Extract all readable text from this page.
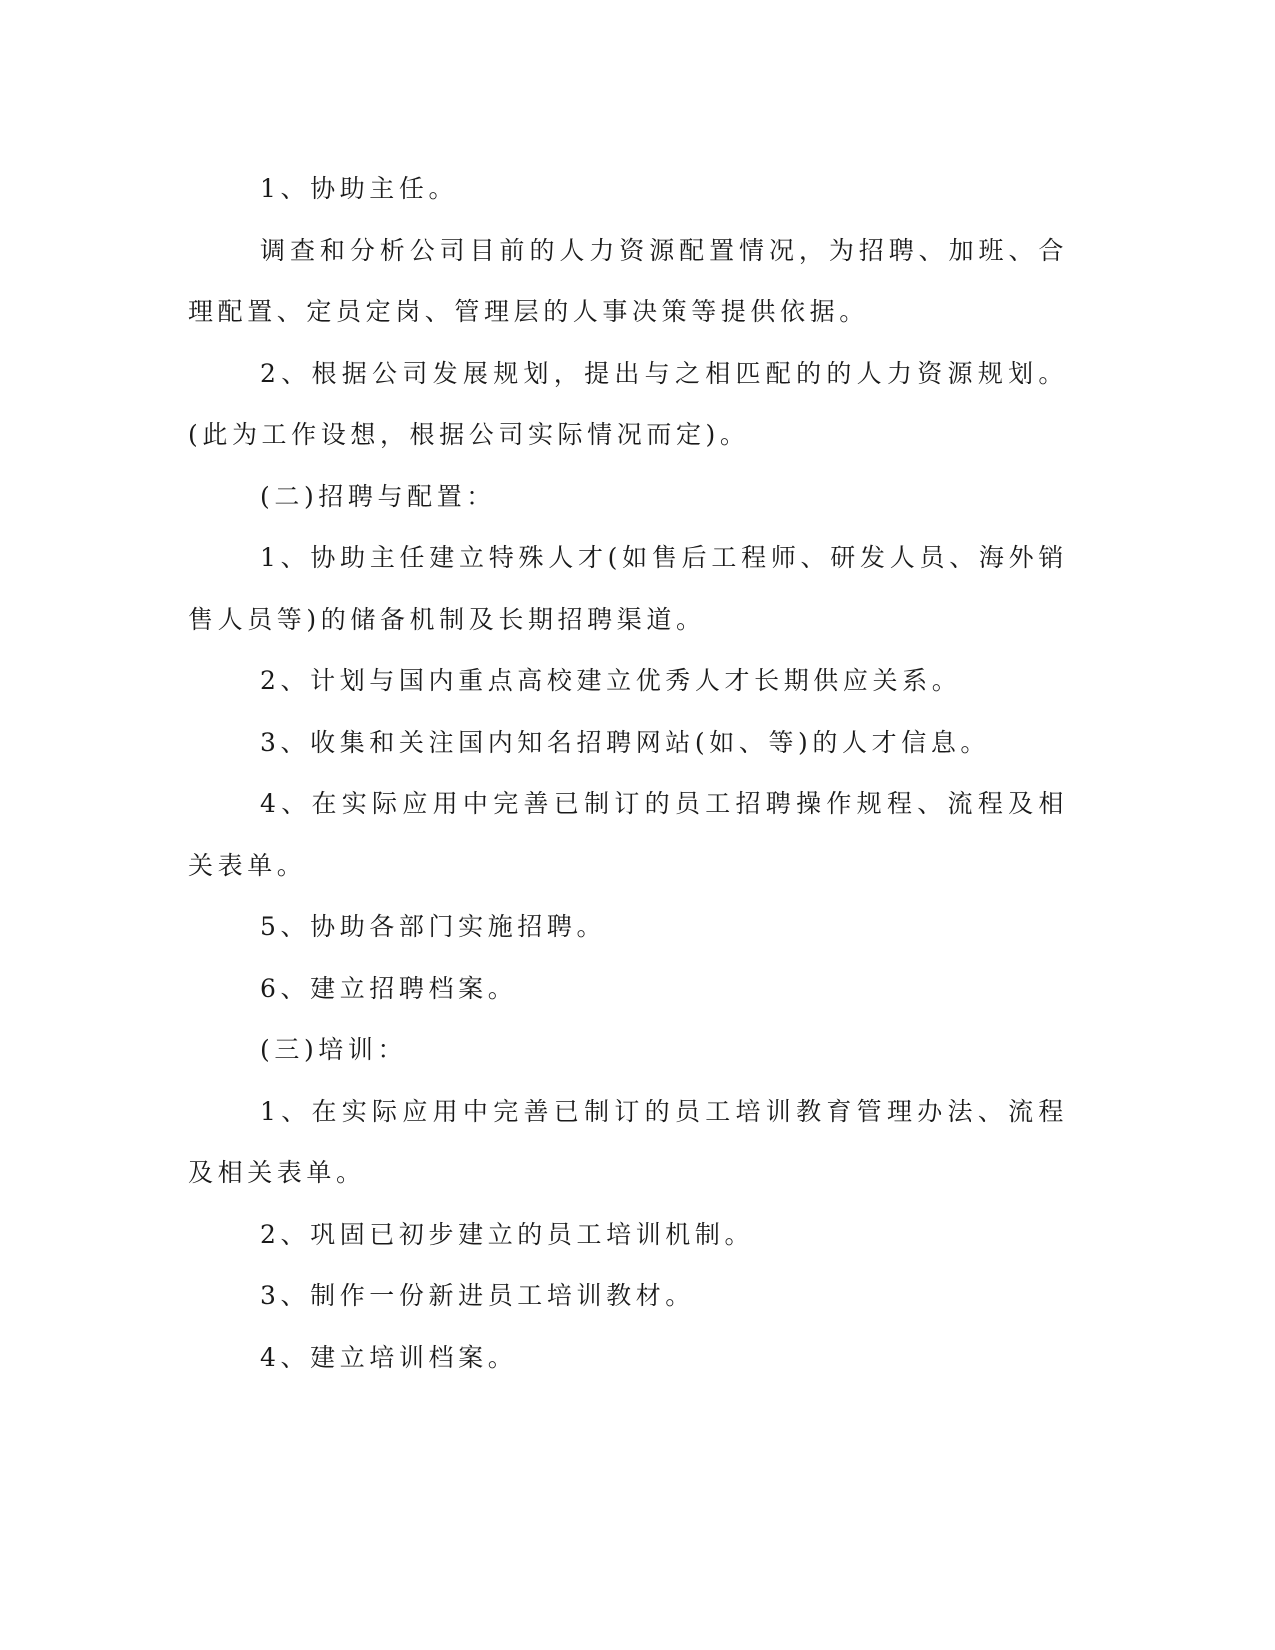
1、协助主任。

调查和分析公司目前的人力资源配置情况，为招聘、加班、合理配置、定员定岗、管理层的人事决策等提供依据。

2、根据公司发展规划，提出与之相匹配的的人力资源规划。(此为工作设想，根据公司实际情况而定)。

(二)招聘与配置：

1、协助主任建立特殊人才(如售后工程师、研发人员、海外销售人员等)的储备机制及长期招聘渠道。

2、计划与国内重点高校建立优秀人才长期供应关系。

3、收集和关注国内知名招聘网站(如、等)的人才信息。

4、在实际应用中完善已制订的员工招聘操作规程、流程及相关表单。

5、协助各部门实施招聘。

6、建立招聘档案。

(三)培训：

1、在实际应用中完善已制订的员工培训教育管理办法、流程及相关表单。

2、巩固已初步建立的员工培训机制。

3、制作一份新进员工培训教材。

4、建立培训档案。
